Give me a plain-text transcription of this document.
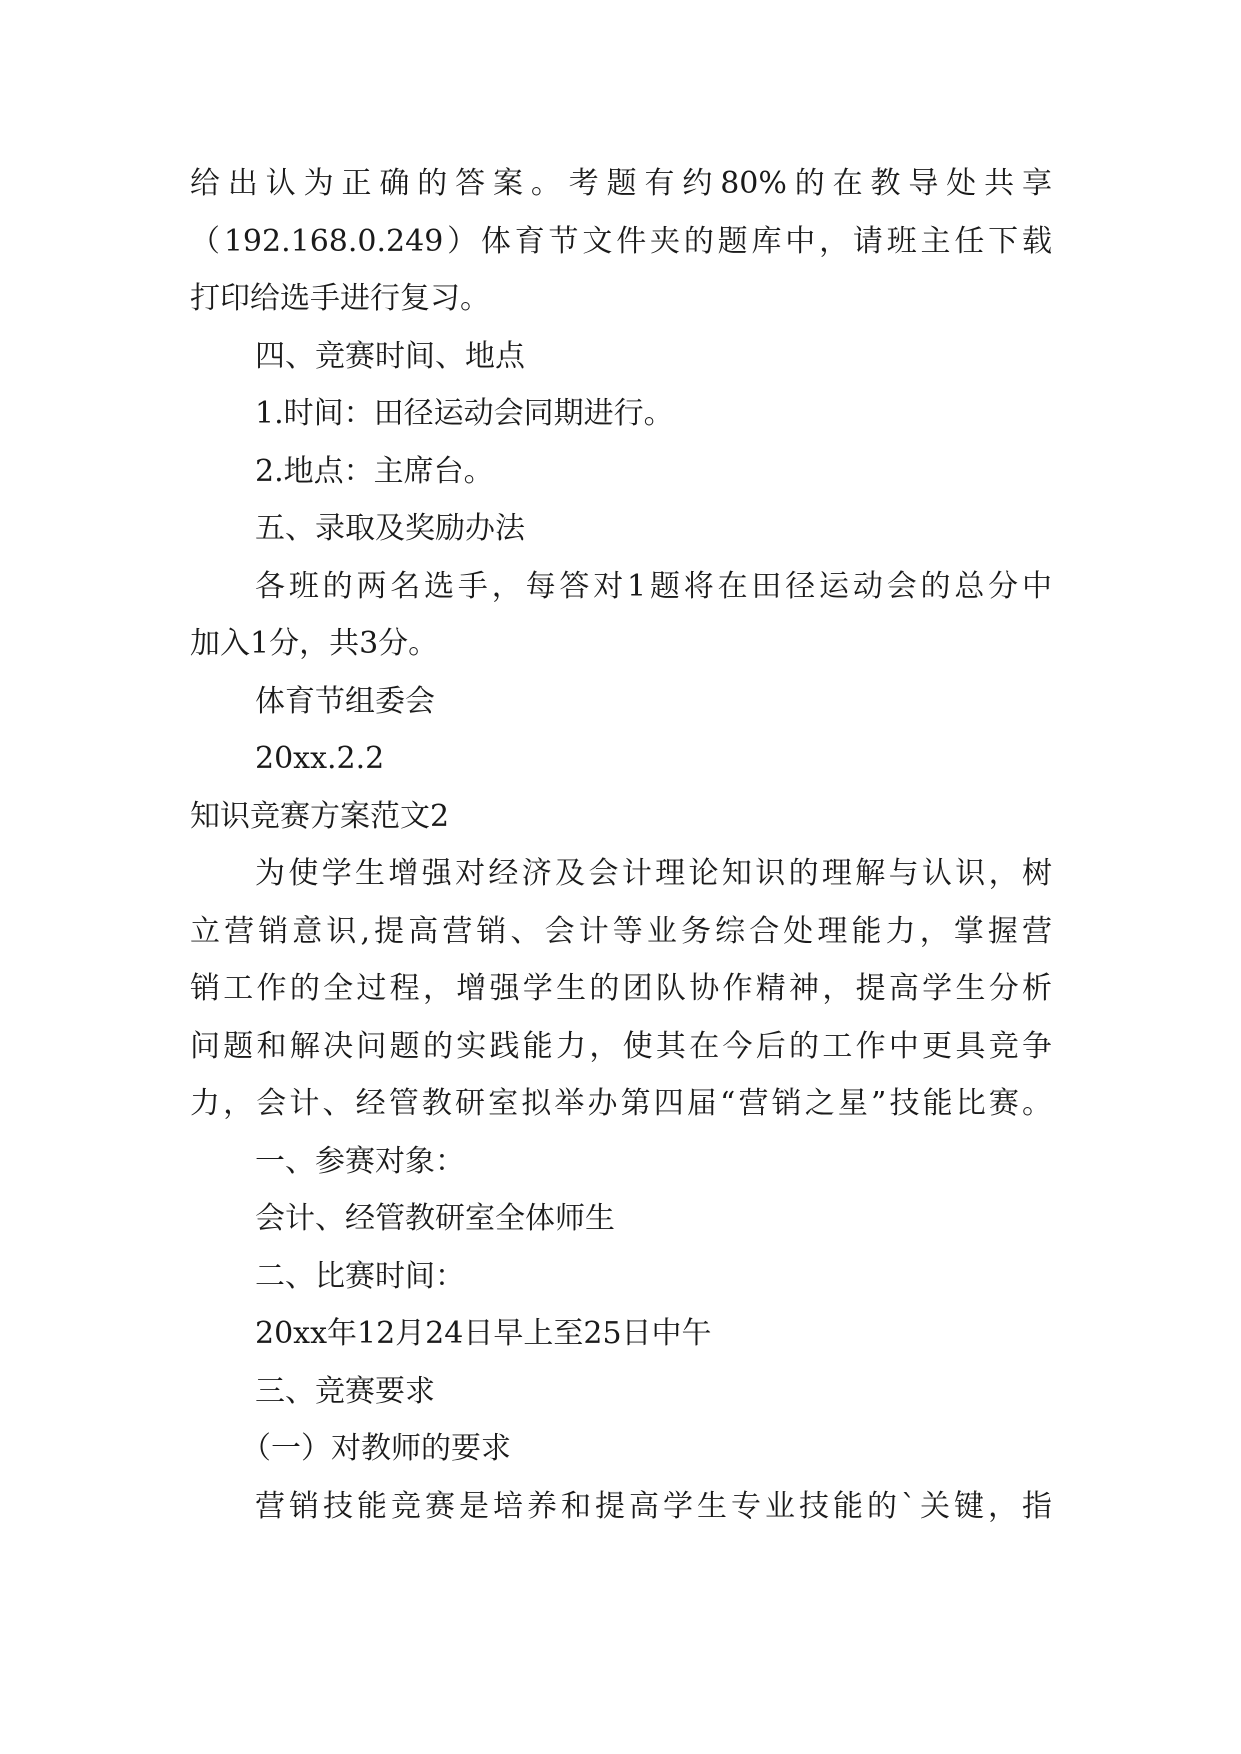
给出认为正确的答案。考题有约80%的在教导处共享
（192.168.0.249）体育节文件夹的题库中，请班主任下载
打印给选手进行复习。
四、竞赛时间、地点
1.时间：田径运动会同期进行。
2.地点：主席台。
五、录取及奖励办法
各班的两名选手，每答对1题将在田径运动会的总分中
加入1分，共3分。
体育节组委会
20xx.2.2
知识竞赛方案范文2
为使学生增强对经济及会计理论知识的理解与认识，树
立营销意识,提高营销、会计等业务综合处理能力，掌握营
销工作的全过程，增强学生的团队协作精神，提高学生分析
问题和解决问题的实践能力，使其在今后的工作中更具竞争
力，会计、经管教研室拟举办第四届“营销之星”技能比赛。
一、参赛对象：
会计、经管教研室全体师生
二、比赛时间：
20xx年12月24日早上至25日中午
三、竞赛要求
（一）对教师的要求
营销技能竞赛是培养和提高学生专业技能的`关键，指
